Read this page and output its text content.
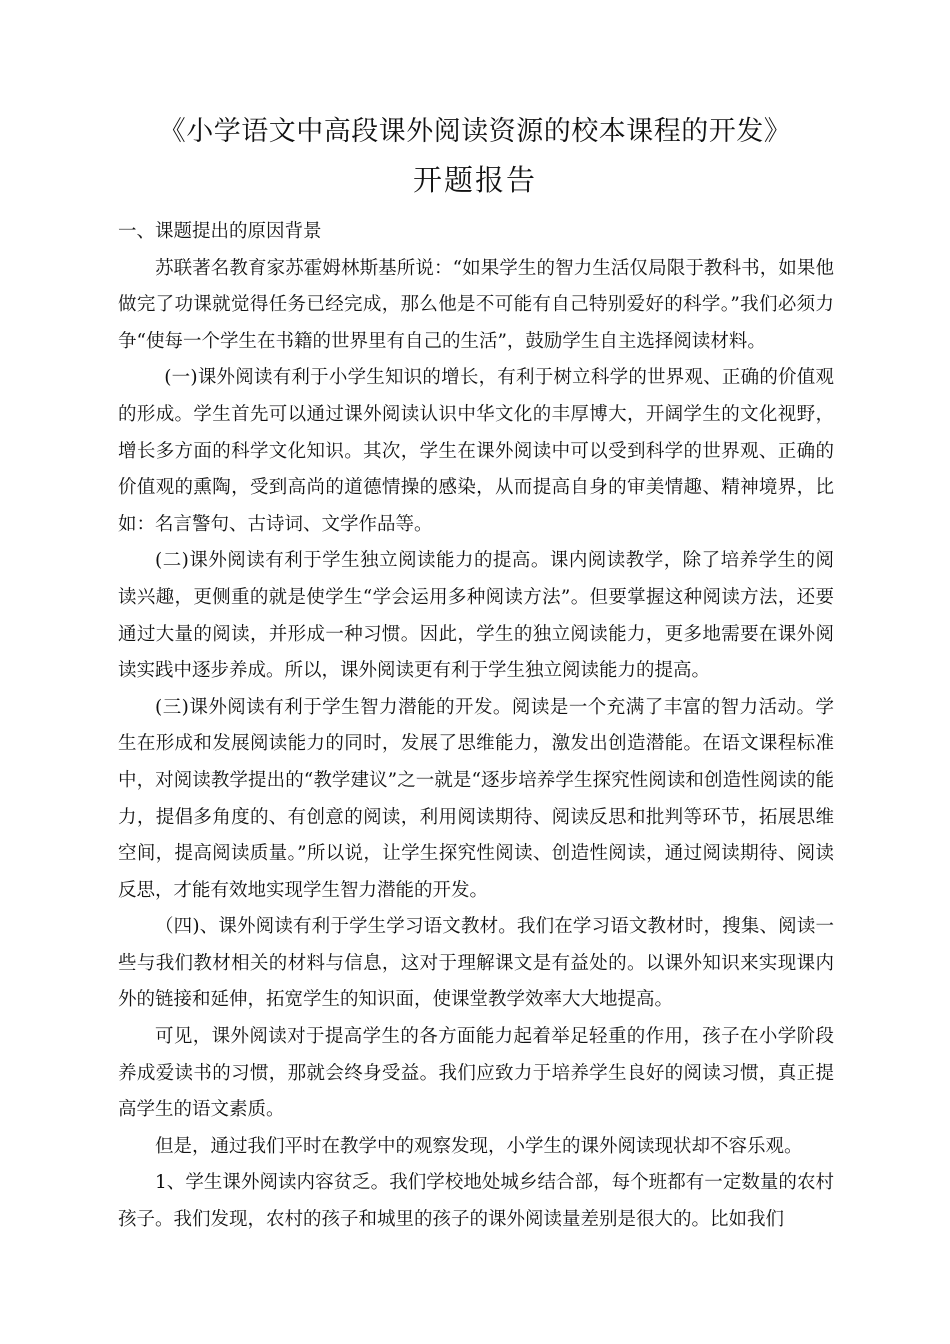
《小学语文中高段课外阅读资源的校本课程的开发》
开题报告

一、课题提出的原因背景

苏联著名教育家苏霍姆林斯基所说：“如果学生的智力生活仅局限于教科书，如果他做完了功课就觉得任务已经完成，那么他是不可能有自己特别爱好的科学。”我们必须力争“使每一个学生在书籍的世界里有自己的生活”，鼓励学生自主选择阅读材料。

(一)课外阅读有利于小学生知识的增长，有利于树立科学的世界观、正确的价值观的形成。学生首先可以通过课外阅读认识中华文化的丰厚博大，开阔学生的文化视野，增长多方面的科学文化知识。其次，学生在课外阅读中可以受到科学的世界观、正确的价值观的熏陶，受到高尚的道德情操的感染，从而提高自身的审美情趣、精神境界，比如：名言警句、古诗词、文学作品等。

(二)课外阅读有利于学生独立阅读能力的提高。课内阅读教学，除了培养学生的阅读兴趣，更侧重的就是使学生“学会运用多种阅读方法”。但要掌握这种阅读方法，还要通过大量的阅读，并形成一种习惯。因此，学生的独立阅读能力，更多地需要在课外阅读实践中逐步养成。所以，课外阅读更有利于学生独立阅读能力的提高。

(三)课外阅读有利于学生智力潜能的开发。阅读是一个充满了丰富的智力活动。学生在形成和发展阅读能力的同时，发展了思维能力，激发出创造潜能。在语文课程标准中，对阅读教学提出的“教学建议”之一就是“逐步培养学生探究性阅读和创造性阅读的能力，提倡多角度的、有创意的阅读，利用阅读期待、阅读反思和批判等环节，拓展思维空间，提高阅读质量。”所以说，让学生探究性阅读、创造性阅读，通过阅读期待、阅读反思，才能有效地实现学生智力潜能的开发。

（四)、课外阅读有利于学生学习语文教材。我们在学习语文教材时，搜集、阅读一些与我们教材相关的材料与信息，这对于理解课文是有益处的。以课外知识来实现课内外的链接和延伸，拓宽学生的知识面，使课堂教学效率大大地提高。

可见，课外阅读对于提高学生的各方面能力起着举足轻重的作用，孩子在小学阶段养成爱读书的习惯，那就会终身受益。我们应致力于培养学生良好的阅读习惯，真正提高学生的语文素质。

但是，通过我们平时在教学中的观察发现，小学生的课外阅读现状却不容乐观。

1、学生课外阅读内容贫乏。我们学校地处城乡结合部，每个班都有一定数量的农村孩子。我们发现，农村的孩子和城里的孩子的课外阅读量差别是很大的。比如我们
